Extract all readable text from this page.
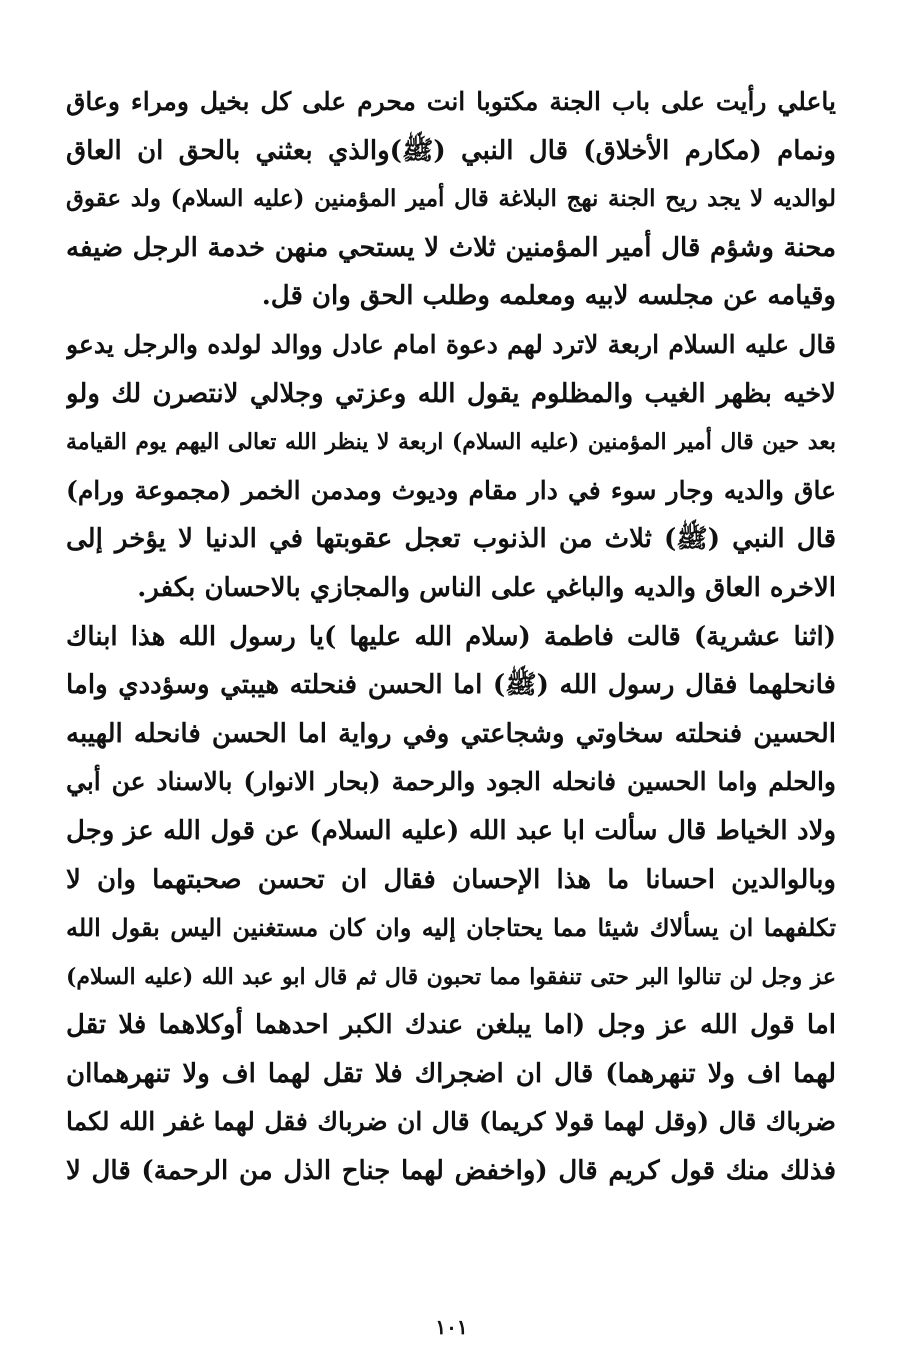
ياعلي رأيت على باب الجنة مكتوبا انت محرم على كل بخيل ومراء وعاق
ونمام (مكارم الأخلاق) قال النبي (ﷺ)والذي بعثني بالحق ان العاق
لوالديه لا يجد ريح الجنة نهج البلاغة قال أمير المؤمنين (عليه السلام) ولد عقوق
محنة وشؤم قال أمير المؤمنين ثلاث لا يستحي منهن خدمة الرجل ضيفه
وقيامه عن مجلسه لابيه ومعلمه وطلب الحق وان قل.
قال عليه السلام اربعة لاترد لهم دعوة امام عادل ووالد لولده والرجل يدعو
لاخيه بظهر الغيب والمظلوم يقول الله وعزتي وجلالي لانتصرن لك ولو
بعد حين قال أمير المؤمنين (عليه السلام) اربعة لا ينظر الله تعالى اليهم يوم القيامة
عاق والديه وجار سوء في دار مقام وديوث ومدمن الخمر (مجموعة ورام)
قال النبي (ﷺ) ثلاث من الذنوب تعجل عقوبتها في الدنيا لا يؤخر إلى
الاخره العاق والديه والباغي على الناس والمجازي بالاحسان بكفر.
(اثنا عشرية) قالت فاطمة (سلام الله عليها )يا رسول الله هذا ابناك
فانحلهما فقال رسول الله (ﷺ) اما الحسن فنحلته هيبتي وسؤددي واما
الحسين فنحلته سخاوتي وشجاعتي وفي رواية اما الحسن فانحله الهيبه
والحلم واما الحسين فانحله الجود والرحمة (بحار الانوار) بالاسناد عن أبي
ولاد الخياط قال سألت ابا عبد الله (عليه السلام) عن قول الله عز وجل
وبالوالدين احسانا ما هذا الإحسان فقال ان تحسن صحبتهما وان لا
تكلفهما ان يسألاك شيئا مما يحتاجان إليه وان كان مستغنين اليس بقول الله
عز وجل لن تنالوا البر حتى تنفقوا مما تحبون قال ثم قال ابو عبد الله (عليه السلام)
اما قول الله عز وجل (اما يبلغن عندك الكبر احدهما أوكلاهما فلا تقل
لهما اف ولا تنهرهما) قال ان اضجراك فلا تقل لهما اف ولا تنهرهماان
ضرباك قال (وقل لهما قولا كريما) قال ان ضرباك فقل لهما غفر الله لكما
فذلك منك قول كريم قال (واخفض لهما جناح الذل من الرحمة) قال لا
١٠١
